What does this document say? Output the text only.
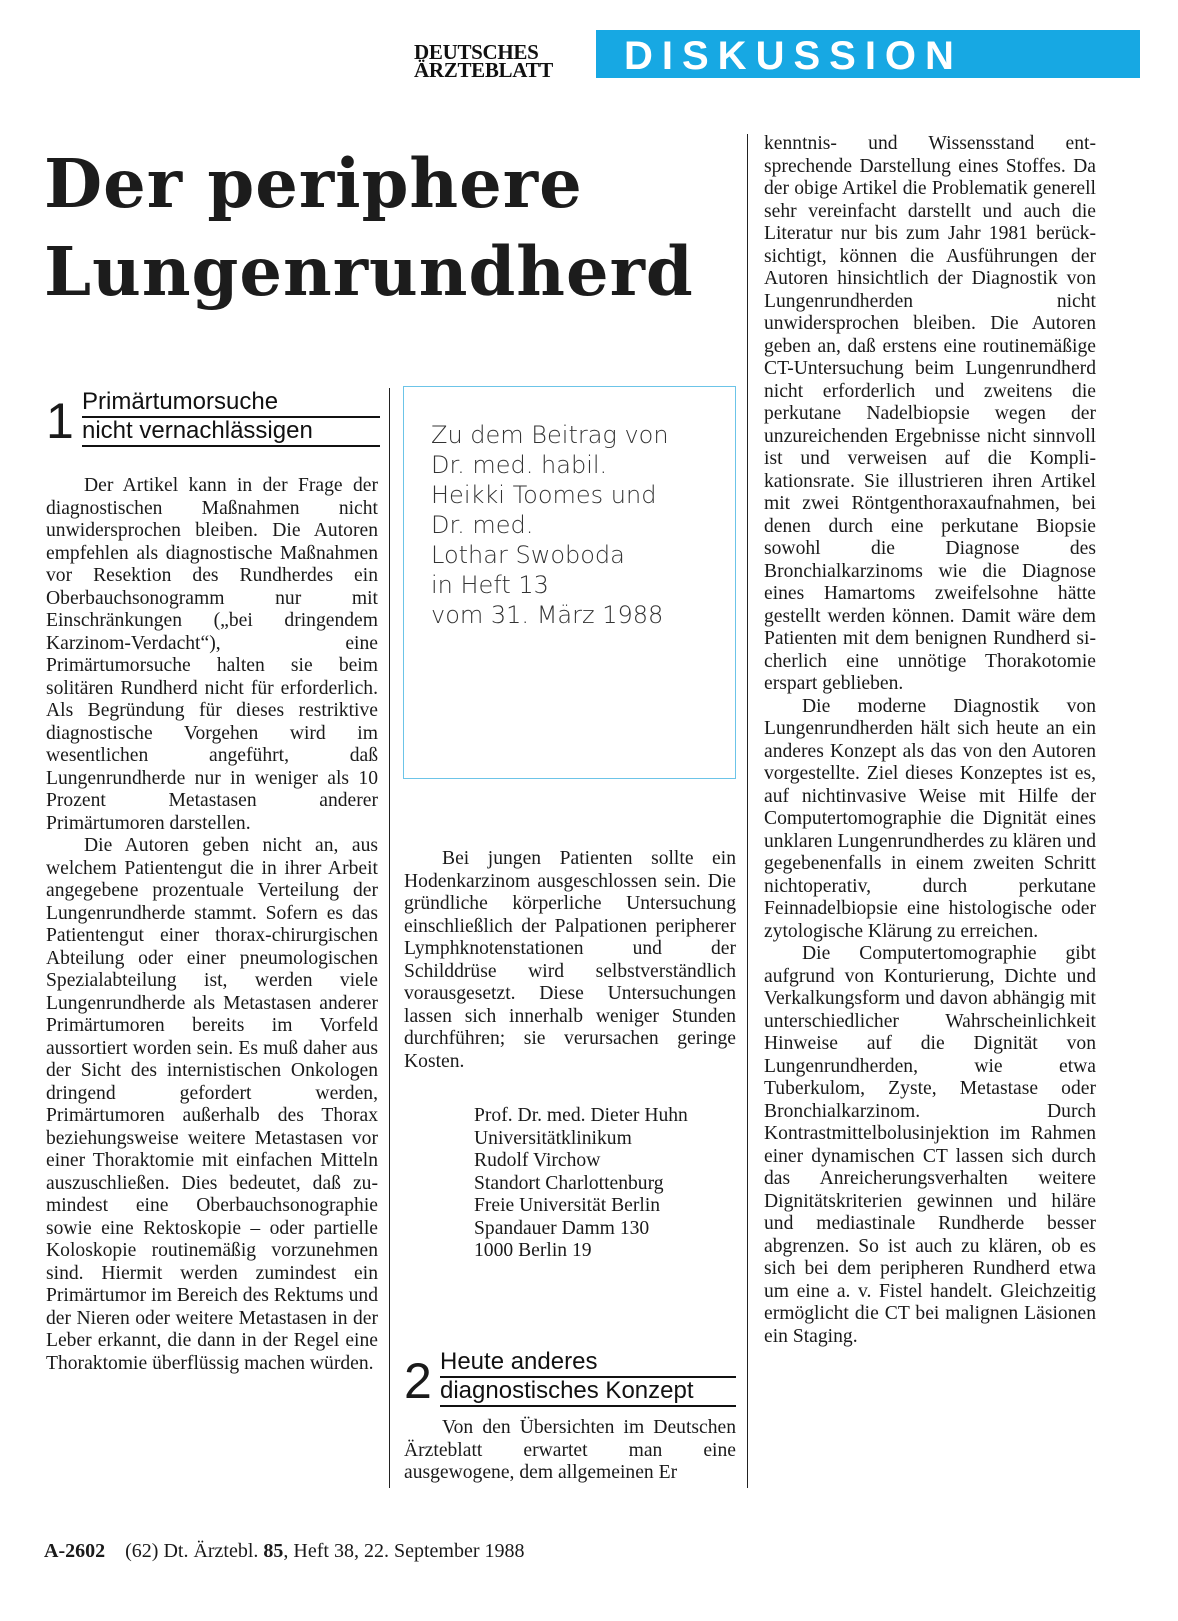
DEUTSCHES
ÄRZTEBLATT	DISKUSSION
Der periphere
Lungenrundherd
1 Primärtumorsuche
nicht vernachlässigen

Der Artikel kann in der Frage der diagnostischen Maßnahmen nicht unwidersprochen bleiben. Die Autoren empfehlen als diagnostische Maßnahmen vor Resektion des Rundherdes ein Oberbauchsonogramm nur mit Einschränkungen („bei dringendem Karzinom-Verdacht“), eine Primärtumorsuche halten sie beim solitären Rundherd nicht für erforderlich. Als Begründung für dieses restriktive diagnostische Vorgehen wird im wesentlichen angeführt, daß Lungenrundherde nur in weniger als 10 Prozent Metastasen anderer Primärtumoren darstellen.

Die Autoren geben nicht an, aus welchem Patientengut die in ihrer Arbeit angegebene prozentuale Verteilung der Lungenrundherde stammt. Sofern es das Patientengut einer thorax-chirurgischen Abteilung oder einer pneumologischen Spezialabteilung ist, werden viele Lungenrundherde als Metastasen anderer Primärtumoren bereits im Vorfeld aussortiert worden sein. Es muß daher aus der Sicht des internistischen Onkologen dringend gefordert werden, Primärtumoren außerhalb des Thorax beziehungsweise weitere Metastasen vor einer Thoraktomie mit einfachen Mitteln auszuschließen. Dies bedeutet, daß zumindest eine Oberbauchsonographie sowie eine Rektoskopie – oder partielle Koloskopie routinemäßig vorzunehmen sind. Hiermit werden zumindest ein Primärtumor im Bereich des Rektums und der Nieren oder weitere Metastasen in der Leber erkannt, die dann in der Regel eine Thoraktomie überflüssig machen würden.

Zu dem Beitrag von
Dr. med. habil.
Heikki Toomes und
Dr. med.
Lothar Swoboda
in Heft 13
vom 31. März 1988

Bei jungen Patienten sollte ein Hodenkarzinom ausgeschlossen sein. Die gründliche körperliche Untersuchung einschließlich der Palpationen peripherer Lymphknotenstationen und der Schilddrüse wird selbstverständlich vorausgesetzt. Diese Untersuchungen lassen sich innerhalb weniger Stunden durchführen; sie verursachen geringe Kosten.

Prof. Dr. med. Dieter Huhn
Universitätklinikum
Rudolf Virchow
Standort Charlottenburg
Freie Universität Berlin
Spandauer Damm 130
1000 Berlin 19
2 Heute anderes
diagnostisches Konzept

Von den Übersichten im Deutschen Ärzteblatt erwartet man eine ausgewogene, dem allgemeinen Er

kenntnis- und Wissensstand entsprechende Darstellung eines Stoffes. Da der obige Artikel die Problematik generell sehr vereinfacht darstellt und auch die Literatur nur bis zum Jahr 1981 berücksichtigt, können die Ausführungen der Autoren hinsichtlich der Diagnostik von Lungenrundherden nicht unwidersprochen bleiben. Die Autoren geben an, daß erstens eine routinemäßige CT-Untersuchung beim Lungenrundherd nicht erforderlich und zweitens die perkutane Nadelbiopsie wegen der unzureichenden Ergebnisse nicht sinnvoll ist und verweisen auf die Komplikationsrate. Sie illustrieren ihren Artikel mit zwei Röntgenthoraxaufnahmen, bei denen durch eine perkutane Biopsie sowohl die Diagnose des Bronchialkarzinoms wie die Diagnose eines Hamartoms zweifelsohne hätte gestellt werden können. Damit wäre dem Patienten mit dem benignen Rundherd sicherlich eine unnötige Thorakotomie erspart geblieben.

Die moderne Diagnostik von Lungenrundherden hält sich heute an ein anderes Konzept als das von den Autoren vorgestellte. Ziel dieses Konzeptes ist es, auf nichtinvasive Weise mit Hilfe der Computertomographie die Dignität eines unklaren Lungenrundherdes zu klären und gegebenenfalls in einem zweiten Schritt nichtoperativ, durch perkutane Feinnadelbiopsie eine histologische oder zytologische Klärung zu erreichen.

Die Computertomographie gibt aufgrund von Konturierung, Dichte und Verkalkungsform und davon abhängig mit unterschiedlicher Wahrscheinlichkeit Hinweise auf die Dignität von Lungenrundherden, wie etwa Tuberkulom, Zyste, Metastase oder Bronchialkarzinom. Durch Kontrastmittelbolusinjektion im Rahmen einer dynamischen CT lassen sich durch das Anreicherungsverhalten weitere Dignitätskriterien gewinnen und hiläre und mediastinale Rundherde besser abgrenzen. So ist auch zu klären, ob es sich bei dem peripheren Rundherd etwa um eine a. v. Fistel handelt. Gleichzeitig ermöglicht die CT bei malignen Läsionen ein Staging.

A-2602 (62) Dt. Ärztebl. 85, Heft 38, 22. September 1988
